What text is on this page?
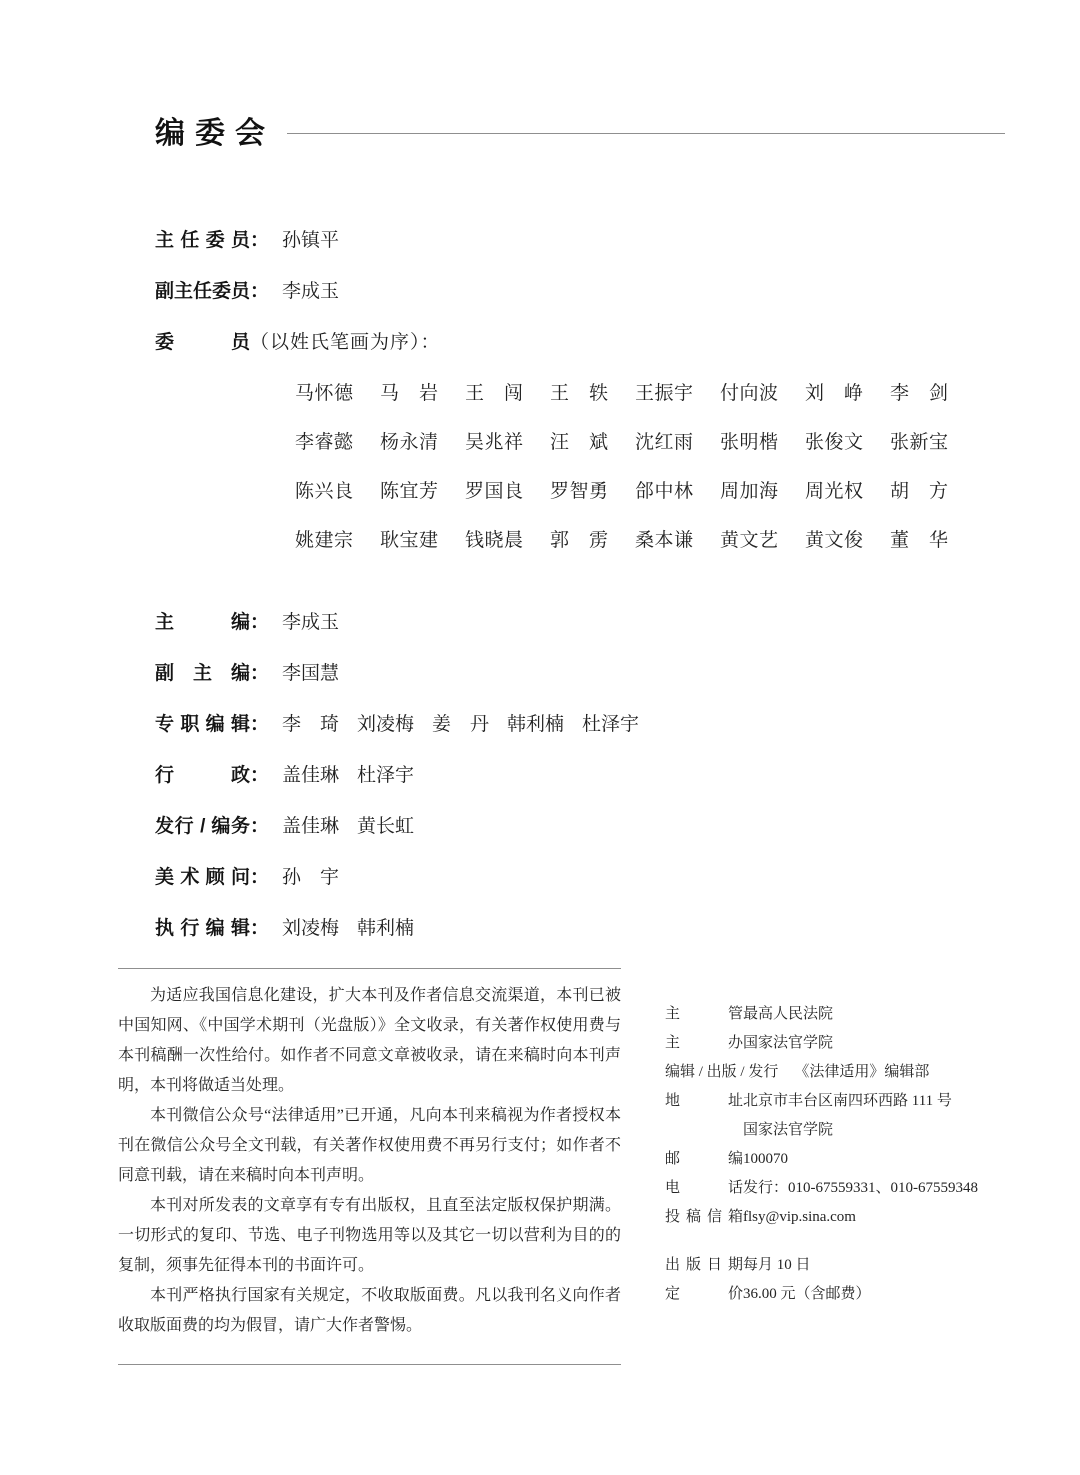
编委会
主任委员： 孙镇平
副主任委员： 李成玉
委员（以姓氏笔画为序）：
马怀德 马岩 王闯 王轶 王振宇 付向波 刘峥 李剑
李睿懿 杨永清 吴兆祥 汪斌 沈红雨 张明楷 张俊文 张新宝
陈兴良 陈宜芳 罗国良 罗智勇 郃中林 周加海 周光权 胡方
姚建宗 耿宝建 钱晓晨 郭雳 桑本谦 黄文艺 黄文俊 董华
主编： 李成玉
副主编： 李国慧
专职编辑： 李琦 刘凌梅 姜丹 韩利楠 杜泽宇
行政： 盖佳琳 杜泽宇
发行 / 编务： 盖佳琳 黄长虹
美术顾问： 孙宇
执行编辑： 刘凌梅 韩利楠

为适应我国信息化建设，扩大本刊及作者信息交流渠道，本刊已被中国知网、《中国学术期刊（光盘版）》全文收录，有关著作权使用费与本刊稿酬一次性给付。如作者不同意文章被收录，请在来稿时向本刊声明，本刊将做适当处理。

本刊微信公众号“法律适用”已开通，凡向本刊来稿视为作者授权本刊在微信公众号全文刊载，有关著作权使用费不再另行支付；如作者不同意刊载，请在来稿时向本刊声明。

本刊对所发表的文章享有专有出版权，且直至法定版权保护期满。一切形式的复印、节选、电子刊物选用等以及其它一切以营利为目的的复制，须事先征得本刊的书面许可。

本刊严格执行国家有关规定，不收取版面费。凡以我刊名义向作者收取版面费的均为假冒，请广大作者警惕。

主管 最高人民法院
主办 国家法官学院
编辑 / 出版 / 发行 《法律适用》编辑部
地址 北京市丰台区南四环西路 111 号
国家法官学院
邮编 100070
电话 发行：010-67559331、010-67559348
投稿信箱 flsy@vip.sina.com
出版日期 每月 10 日
定价 36.00 元（含邮费）
